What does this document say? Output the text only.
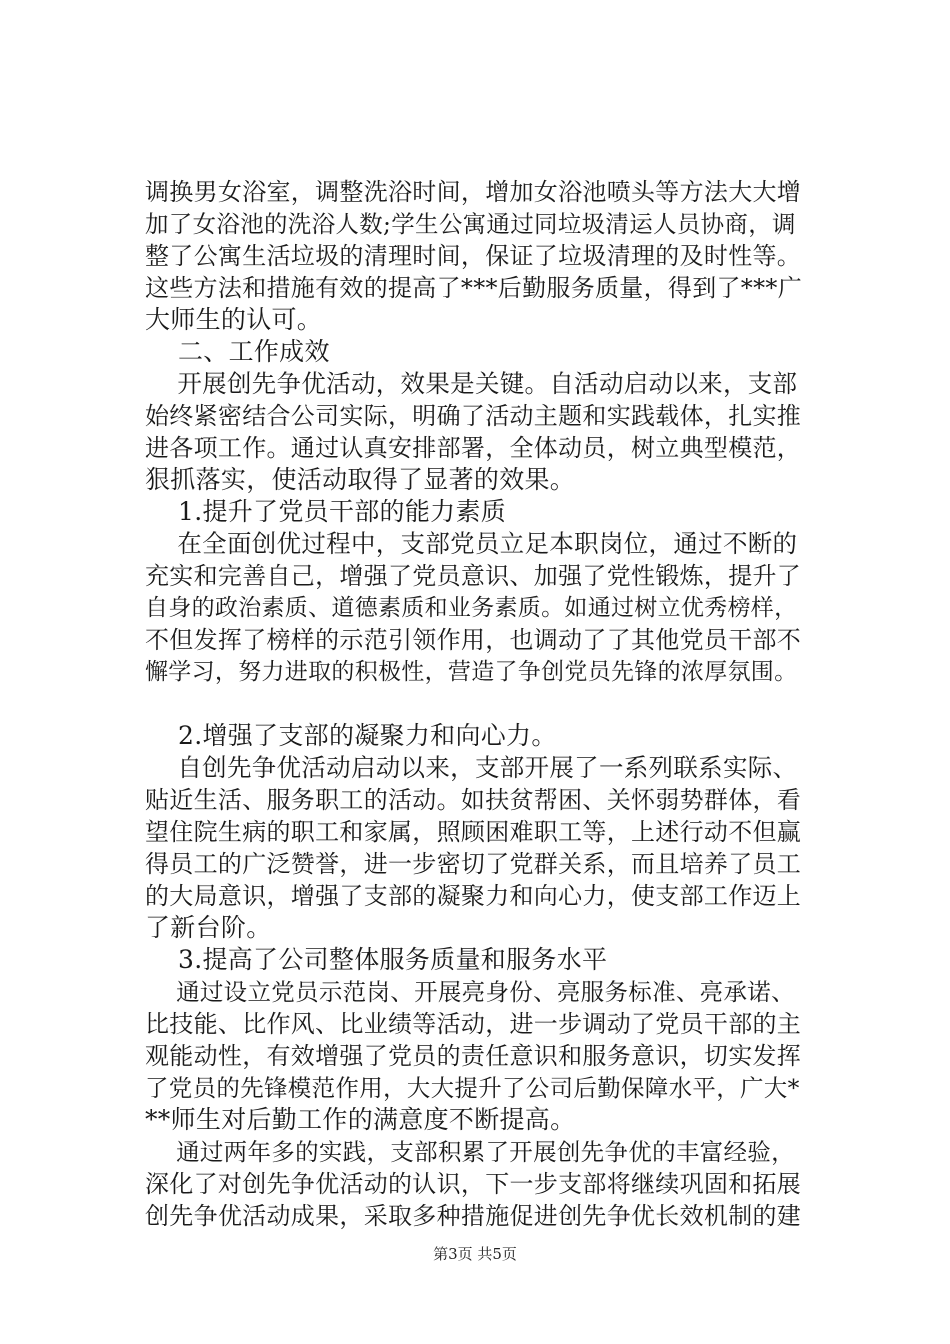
调换男女浴室，调整洗浴时间，增加女浴池喷头等方法大大增
加了女浴池的洗浴人数;学生公寓通过同垃圾清运人员协商，调
整了公寓生活垃圾的清理时间，保证了垃圾清理的及时性等。
这些方法和措施有效的提高了***后勤服务质量，得到了***广
大师生的认可。
二、工作成效
开展创先争优活动，效果是关键。自活动启动以来，支部
始终紧密结合公司实际，明确了活动主题和实践载体，扎实推
进各项工作。通过认真安排部署，全体动员，树立典型模范，
狠抓落实，使活动取得了显著的效果。
1.提升了党员干部的能力素质
在全面创优过程中，支部党员立足本职岗位，通过不断的
充实和完善自己，增强了党员意识、加强了党性锻炼，提升了
自身的政治素质、道德素质和业务素质。如通过树立优秀榜样，
不但发挥了榜样的示范引领作用，也调动了了其他党员干部不
懈学习，努力进取的积极性，营造了争创党员先锋的浓厚氛围。
2.增强了支部的凝聚力和向心力。
自创先争优活动启动以来，支部开展了一系列联系实际、
贴近生活、服务职工的活动。如扶贫帮困、关怀弱势群体，看
望住院生病的职工和家属，照顾困难职工等，上述行动不但赢
得员工的广泛赞誉，进一步密切了党群关系，而且培养了员工
的大局意识，增强了支部的凝聚力和向心力，使支部工作迈上
了新台阶。
3.提高了公司整体服务质量和服务水平
通过设立党员示范岗、开展亮身份、亮服务标准、亮承诺、
比技能、比作风、比业绩等活动，进一步调动了党员干部的主
观能动性，有效增强了党员的责任意识和服务意识，切实发挥
了党员的先锋模范作用，大大提升了公司后勤保障水平，广大*
**师生对后勤工作的满意度不断提高。
通过两年多的实践，支部积累了开展创先争优的丰富经验，
深化了对创先争优活动的认识，下一步支部将继续巩固和拓展
创先争优活动成果，采取多种措施促进创先争优长效机制的建
第3页 共5页
